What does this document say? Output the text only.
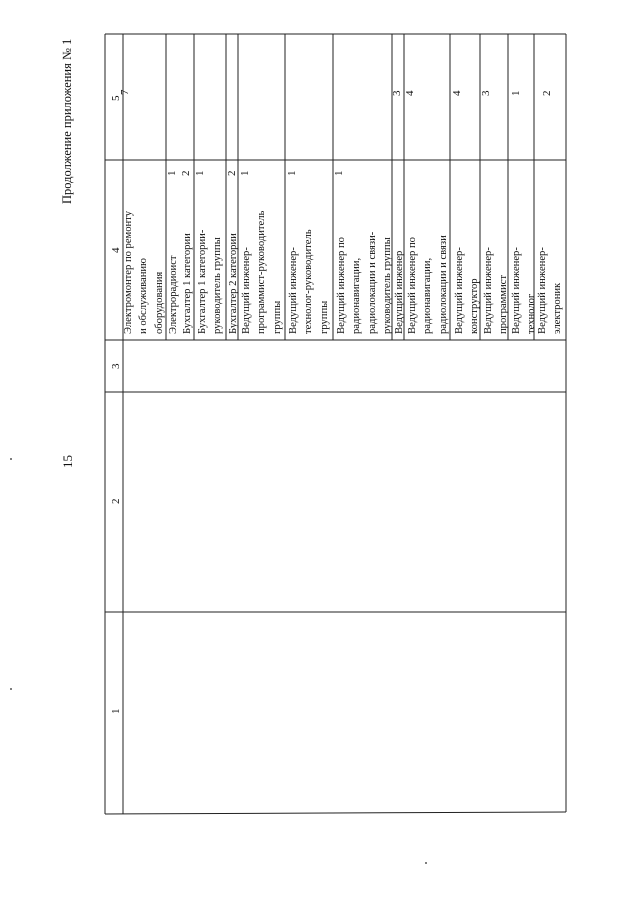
Продолжение приложения № 1
15
1
2
3
4
5
Электромонтер по ремонту и обслуживанию оборудования
7
Электрорадиоист
1
Бухгалтер 1 категории
2
Бухгалтер 1 категории- руководитель группы
1
Бухгалтер 2 категории
2
Ведущий инженер- программист-руководитель группы
1
Ведущий инженер- технолог-руководитель группы
1
Ведущий инженер по радионавигации, радиолокации и связи- руководитель группы
1
Ведущий инженер
3
Ведущий инженер по радионавигации, радиолокации и связи
4
Ведущий инженер- конструктор
4
Ведущий инженер- программист
3
Ведущий инженер- технолог
1
Ведущий инженер- электроник
2
